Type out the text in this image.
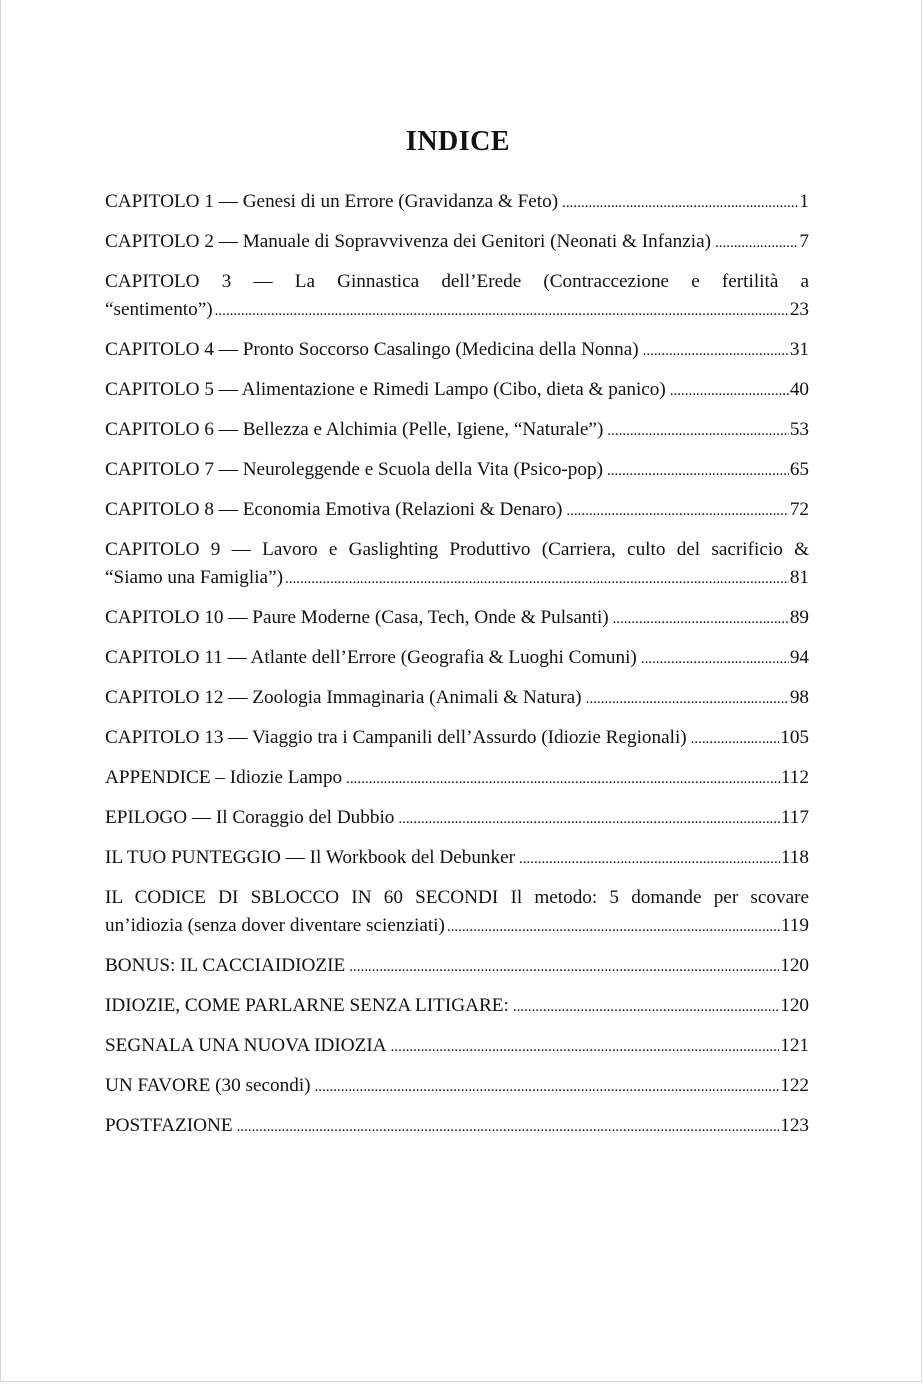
INDICE
CAPITOLO 1 — Genesi di un Errore (Gravidanza & Feto) .....	1
CAPITOLO 2 — Manuale di Sopravvivenza dei Genitori (Neonati & Infanzia) .....	7
CAPITOLO 3 — La Ginnastica dell’Erede (Contraccezione e fertilità a
“sentimento”) .....	23
CAPITOLO 4 — Pronto Soccorso Casalingo (Medicina della Nonna) .....	31
CAPITOLO 5 — Alimentazione e Rimedi Lampo (Cibo, dieta & panico) .....	40
CAPITOLO 6 — Bellezza e Alchimia (Pelle, Igiene, “Naturale”) .....	53
CAPITOLO 7 — Neuroleggende e Scuola della Vita (Psico-pop) .....	65
CAPITOLO 8 — Economia Emotiva (Relazioni & Denaro) .....	72
CAPITOLO 9 — Lavoro e Gaslighting Produttivo (Carriera, culto del sacrificio &
“Siamo una Famiglia”) .....	81
CAPITOLO 10 — Paure Moderne (Casa, Tech, Onde & Pulsanti) .....	89
CAPITOLO 11 — Atlante dell’Errore (Geografia & Luoghi Comuni) .....	94
CAPITOLO 12 — Zoologia Immaginaria (Animali & Natura) .....	98
CAPITOLO 13 — Viaggio tra i Campanili dell’Assurdo (Idiozie Regionali) .....	105
APPENDICE – Idiozie Lampo .....	112
EPILOGO — Il Coraggio del Dubbio .....	117
IL TUO PUNTEGGIO — Il Workbook del Debunker .....	118
IL CODICE DI SBLOCCO IN 60 SECONDI Il metodo: 5 domande per scovare
un’idiozia (senza dover diventare scienziati) .....	119
BONUS: IL CACCIAIDIOZIE .....	120
IDIOZIE, COME PARLARNE SENZA LITIGARE: .....	120
SEGNALA UNA NUOVA IDIOZIA .....	121
UN FAVORE (30 secondi) .....	122
POSTFAZIONE .....	123
